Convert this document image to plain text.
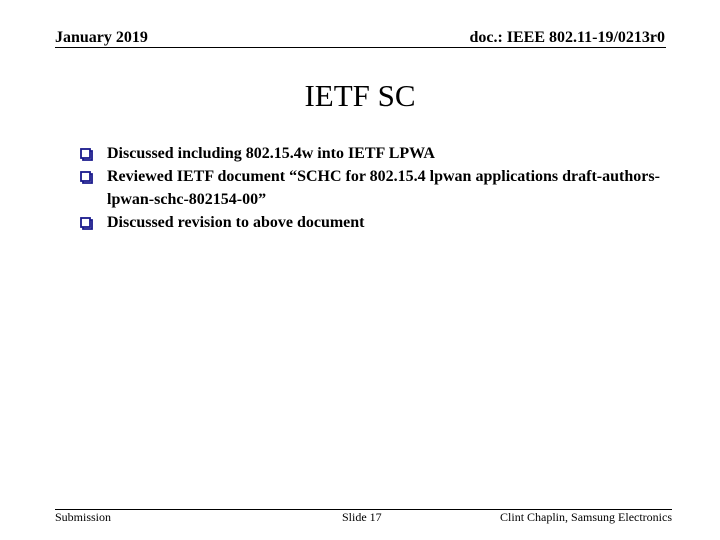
January 2019	doc.: IEEE 802.11-19/0213r0
IETF SC
Discussed including 802.15.4w into IETF LPWA
Reviewed IETF document “SCHC for 802.15.4 lpwan applications draft-authors-lpwan-schc-802154-00”
Discussed revision to above document
Submission	Slide 17	Clint Chaplin, Samsung Electronics
